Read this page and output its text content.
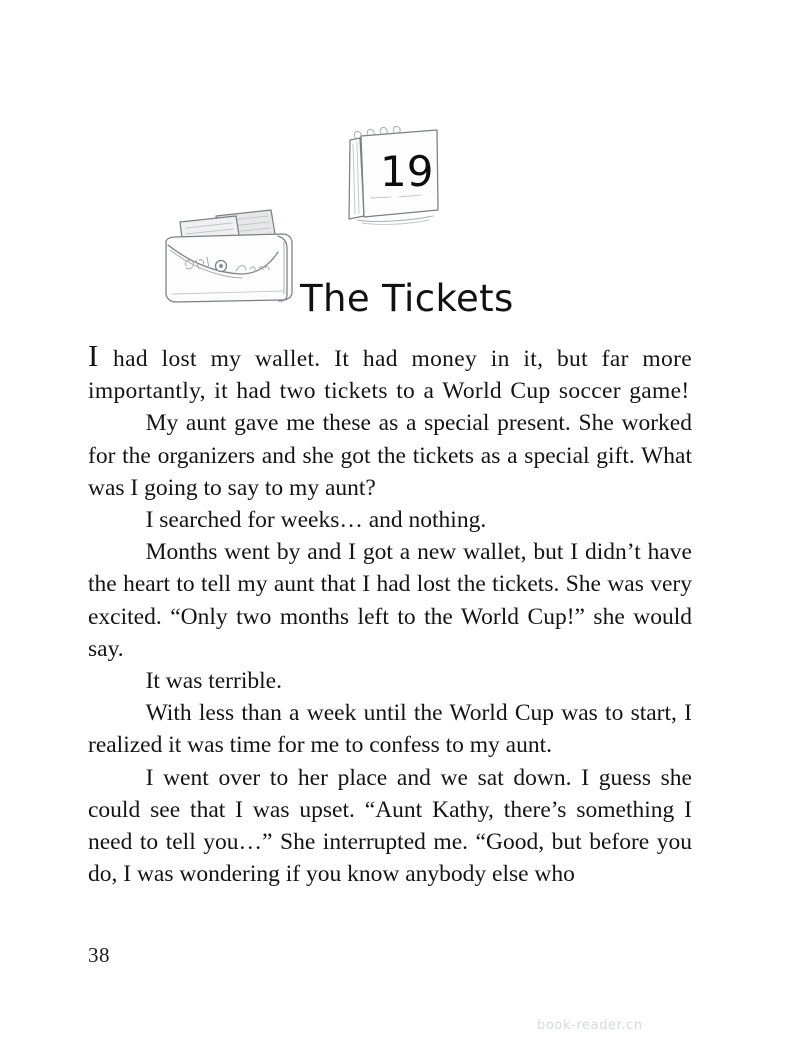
19
The Tickets

I had lost my wallet. It had money in it, but far more importantly, it had two tickets to a World Cup soccer game!

My aunt gave me these as a special present. She worked for the organizers and she got the tickets as a special gift. What was I going to say to my aunt?

I searched for weeks… and nothing.

Months went by and I got a new wallet, but I didn’t have the heart to tell my aunt that I had lost the tickets. She was very excited. “Only two months left to the World Cup!” she would say.

It was terrible.

With less than a week until the World Cup was to start, I realized it was time for me to confess to my aunt.

I went over to her place and we sat down. I guess she could see that I was upset. “Aunt Kathy, there’s something I need to tell you…” She interrupted me. “Good, but before you do, I was wondering if you know anybody else who

38
book-reader.cn
